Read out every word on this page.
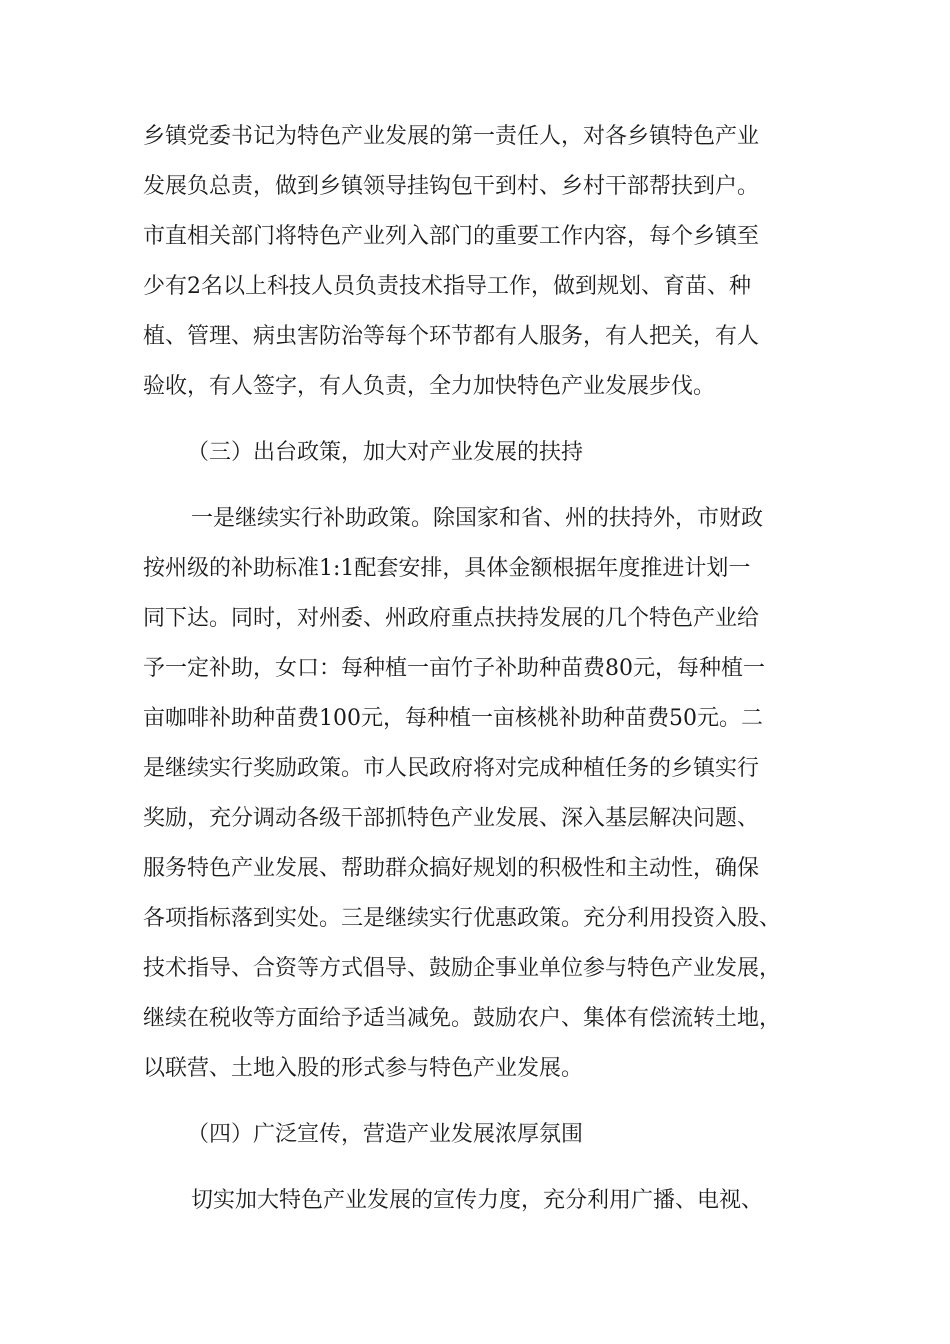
乡镇党委书记为特色产业发展的第一责任人，对各乡镇特色产业
发展负总责，做到乡镇领导挂钩包干到村、乡村干部帮扶到户。
市直相关部门将特色产业列入部门的重要工作内容，每个乡镇至
少有2名以上科技人员负责技术指导工作，做到规划、育苗、种
植、管理、病虫害防治等每个环节都有人服务，有人把关，有人
验收，有人签字，有人负责，全力加快特色产业发展步伐。
（三）出台政策，加大对产业发展的扶持
一是继续实行补助政策。除国家和省、州的扶持外，市财政
按州级的补助标准1:1配套安排，具体金额根据年度推进计划一
同下达。同时，对州委、州政府重点扶持发展的几个特色产业给
予一定补助，女口：每种植一亩竹子补助种苗费80元，每种植一
亩咖啡补助种苗费100元，每种植一亩核桃补助种苗费50元。二
是继续实行奖励政策。市人民政府将对完成种植任务的乡镇实行
奖励，充分调动各级干部抓特色产业发展、深入基层解决问题、
服务特色产业发展、帮助群众搞好规划的积极性和主动性，确保
各项指标落到实处。三是继续实行优惠政策。充分利用投资入股、
技术指导、合资等方式倡导、鼓励企事业单位参与特色产业发展，
继续在税收等方面给予适当减免。鼓励农户、集体有偿流转土地，
以联营、土地入股的形式参与特色产业发展。
（四）广泛宣传，营造产业发展浓厚氛围
切实加大特色产业发展的宣传力度，充分利用广播、电视、
